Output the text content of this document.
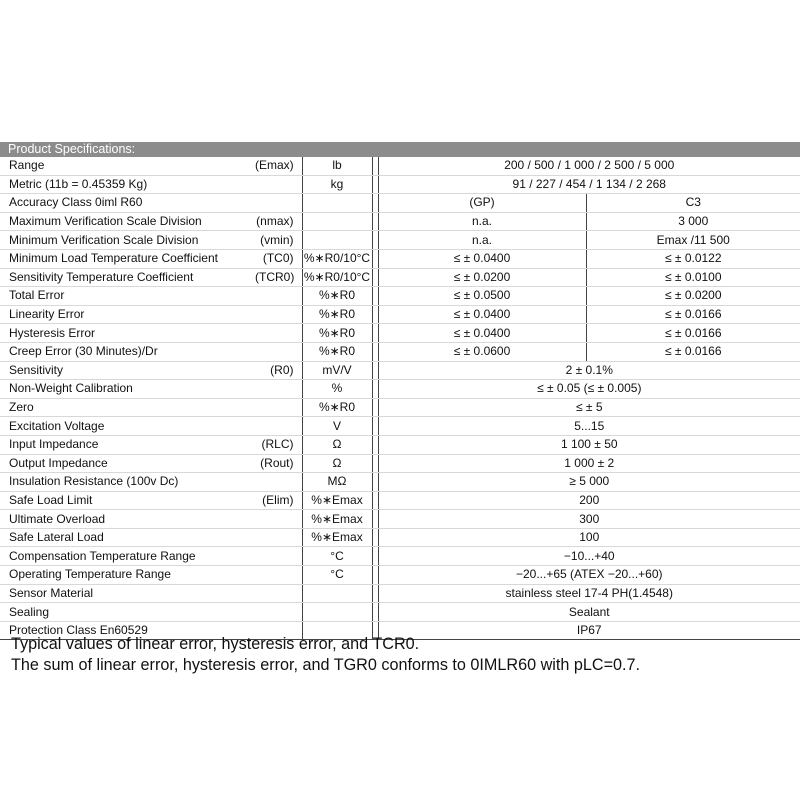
Product Specifications:
Range	(Emax)	lb		200 / 500 / 1 000 / 2 500 / 5 000	
Metric (11b = 0.45359 Kg)		kg		91 / 227 / 454 / 1 134 / 2 268	
Accuracy Class 0iml R60				(GP)	C3
Maximum Verification Scale Division	(nmax)			n.a.	3 000
Minimum Verification Scale Division	(vmin)			n.a.	Emax /11 500
Minimum Load Temperature Coefficient	(TC0)	%∗R0/10°C		≤ ± 0.0400	≤ ± 0.0122
Sensitivity Temperature Coefficient	(TCR0)	%∗R0/10°C		≤ ± 0.0200	≤ ± 0.0100
Total Error		%∗R0		≤ ± 0.0500	≤ ± 0.0200
Linearity Error		%∗R0		≤ ± 0.0400	≤ ± 0.0166
Hysteresis Error		%∗R0		≤ ± 0.0400	≤ ± 0.0166
Creep Error (30 Minutes)/Dr		%∗R0		≤ ± 0.0600	≤ ± 0.0166
Sensitivity	(R0)	mV/V		2 ± 0.1%	
Non-Weight Calibration		%		≤ ± 0.05 (≤ ± 0.005)	
Zero		%∗R0		≤ ± 5	
Excitation Voltage		V		5...15	
Input Impedance	(RLC)	Ω		1 100 ± 50	
Output Impedance	(Rout)	Ω		1 000 ± 2	
Insulation Resistance (100v Dc)		MΩ		≥ 5 000	
Safe Load Limit	(Elim)	%∗Emax		200	
Ultimate Overload		%∗Emax		300	
Safe Lateral Load		%∗Emax		100	
Compensation Temperature Range		°C		−10...+40	
Operating Temperature Range		°C		−20...+65 (ATEX −20...+60)	
Sensor Material				stainless steel 17-4 PH(1.4548)	
Sealing				Sealant	
Protection Class En60529				IP67	
Typical values of linear error, hysteresis error, and TCR0.
The sum of linear error, hysteresis error, and TGR0 conforms to 0IMLR60 with pLC=0.7.
